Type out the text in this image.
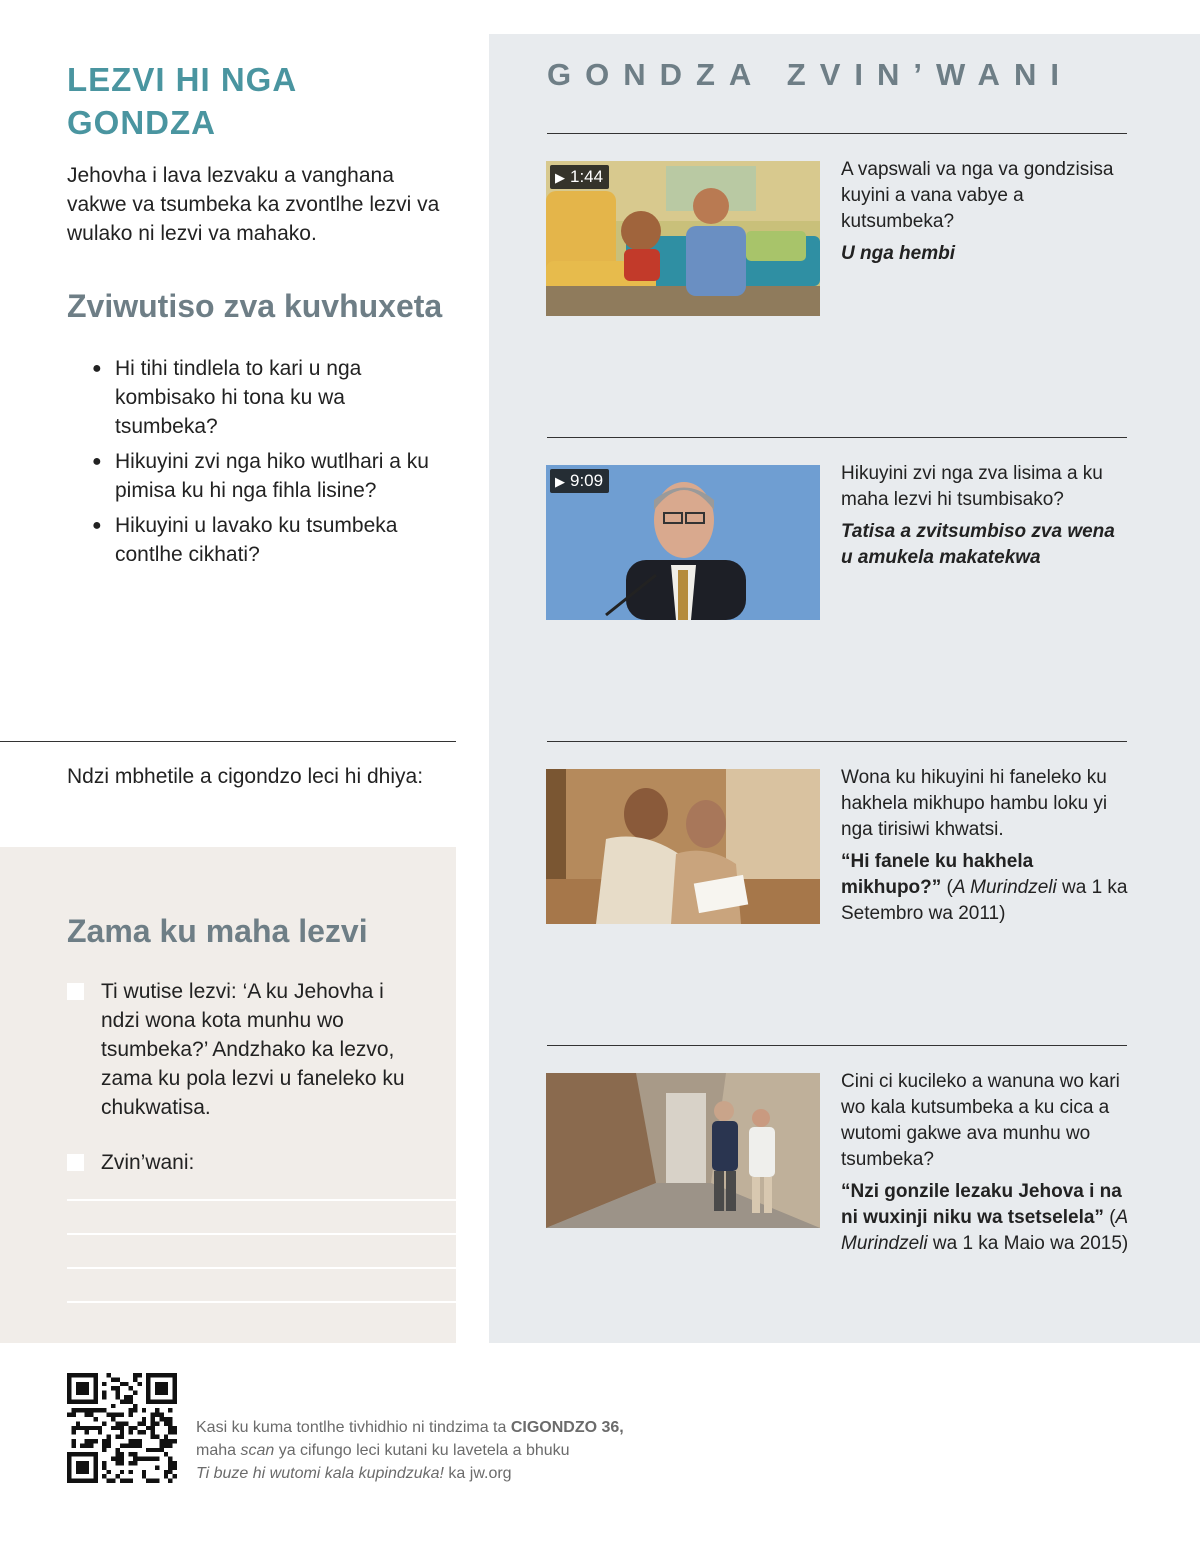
LEZVI HI NGA GONDZA

Jehovha i lava lezvaku a vanghana vakwe va tsumbeka ka zvontlhe lezvi va wulako ni lezvi va mahako.

Zviwutiso zva kuvhuxeta
● Hi tihi tindlela to kari u nga kombisako hi tona ku wa tsumbeka?
● Hikuyini zvi nga hiko wutlhari a ku pimisa ku hi nga fihla lisine?
● Hikuyini u lavako ku tsumbeka contlhe cikhati?

Ndzi mbhetile a cigondzo leci hi dhiya:

Zama ku maha lezvi
Ti wutise lezvi: ‘A ku Jehovha i ndzi wona kota munhu wo tsumbeka?’ Andzhako ka lezvo, zama ku pola lezvi u faneleko ku chukwatisa.
Zvin’wani:
GONDZA ZVIN’WANI
▶ 1:44	A vapswali va nga va gondzisisa kuyini a vana vabye a kutsumbeka?
U nga hembi
▶ 9:09	Hikuyini zvi nga zva lisima a ku maha lezvi hi tsumbisako?
Tatisa a zvitsumbiso zva wena u amukela makatekwa
Wona ku hikuyini hi faneleko ku hakhela mikhupo hambu loku yi nga tirisiwi khwatsi.
“Hi fanele ku hakhela mikhupo?” (A Murindzeli wa 1 ka Setembro wa 2011)
Cini ci kucileko a wanuna wo kari wo kala kutsumbeka a ku cica a wutomi gakwe ava munhu wo tsumbeka?
“Nzi gonzile lezaku Jehova i na ni wuxinji niku wa tsetselela” (A Murindzeli wa 1 ka Maio wa 2015)
Kasi ku kuma tontlhe tivhidhio ni tindzima ta CIGONDZO 36,
maha scan ya cifungo leci kutani ku lavetela a bhuku
Ti buze hi wutomi kala kupindzuka! ka jw.org
